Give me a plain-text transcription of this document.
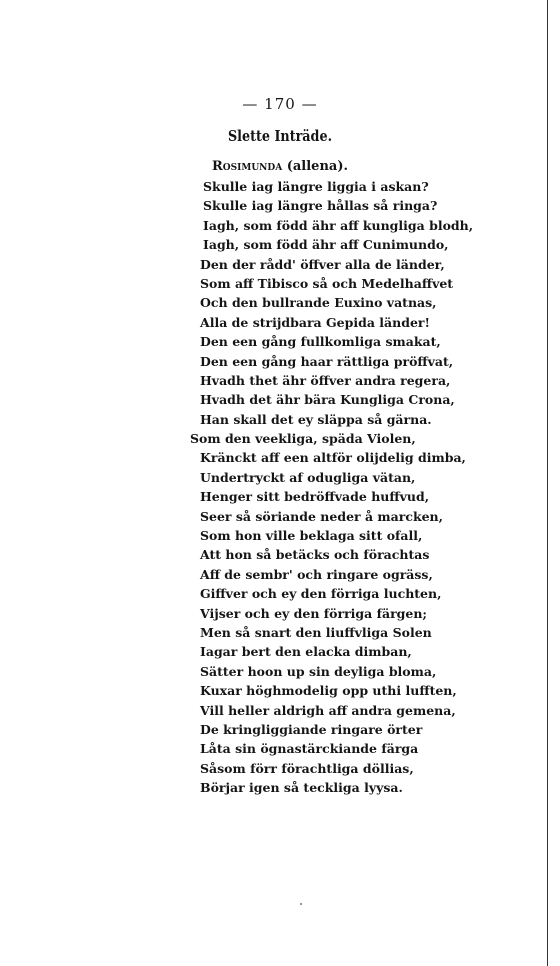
— 170 —
Slette Inträde.
Rosimunda (allena).
Skulle iag längre liggia i askan?
Skulle iag längre hållas så ringa?
Iagh, som född ähr aff kungliga blodh,
Iagh, som född ähr aff Cunimundo,
Den der rådd' öffver alla de länder,
Som aff Tibisco så och Medelhaffvet
Och den bullrande Euxino vatnas,
Alla de strijdbara Gepida länder!
Den een gång fullkomliga smakat,
Den een gång haar rättliga pröffvat,
Hvadh thet ähr öffver andra regera,
Hvadh det ähr bära Kungliga Crona,
Han skall det ey släppa så gärna.
Som den veekliga, späda Violen,
Kränckt aff een altför olijdelig dimba,
Undertryckt af odugliga vätan,
Henger sitt bedröffvade huffvud,
Seer så söriande neder å marcken,
Som hon ville beklaga sitt ofall,
Att hon så betäcks och förachtas
Aff de sembr' och ringare ogräss,
Giffver och ey den förriga luchten,
Vijser och ey den förriga färgen;
Men så snart den liuffvliga Solen
Iagar bert den elacka dimban,
Sätter hoon up sin deyliga bloma,
Kuxar höghmodelig opp uthi lufften,
Vill heller aldrigh aff andra gemena,
De kringliggiande ringare örter
Låta sin ögnastärckiande färga
Såsom förr förachtliga döllias,
Börjar igen så teckliga lyysa.
